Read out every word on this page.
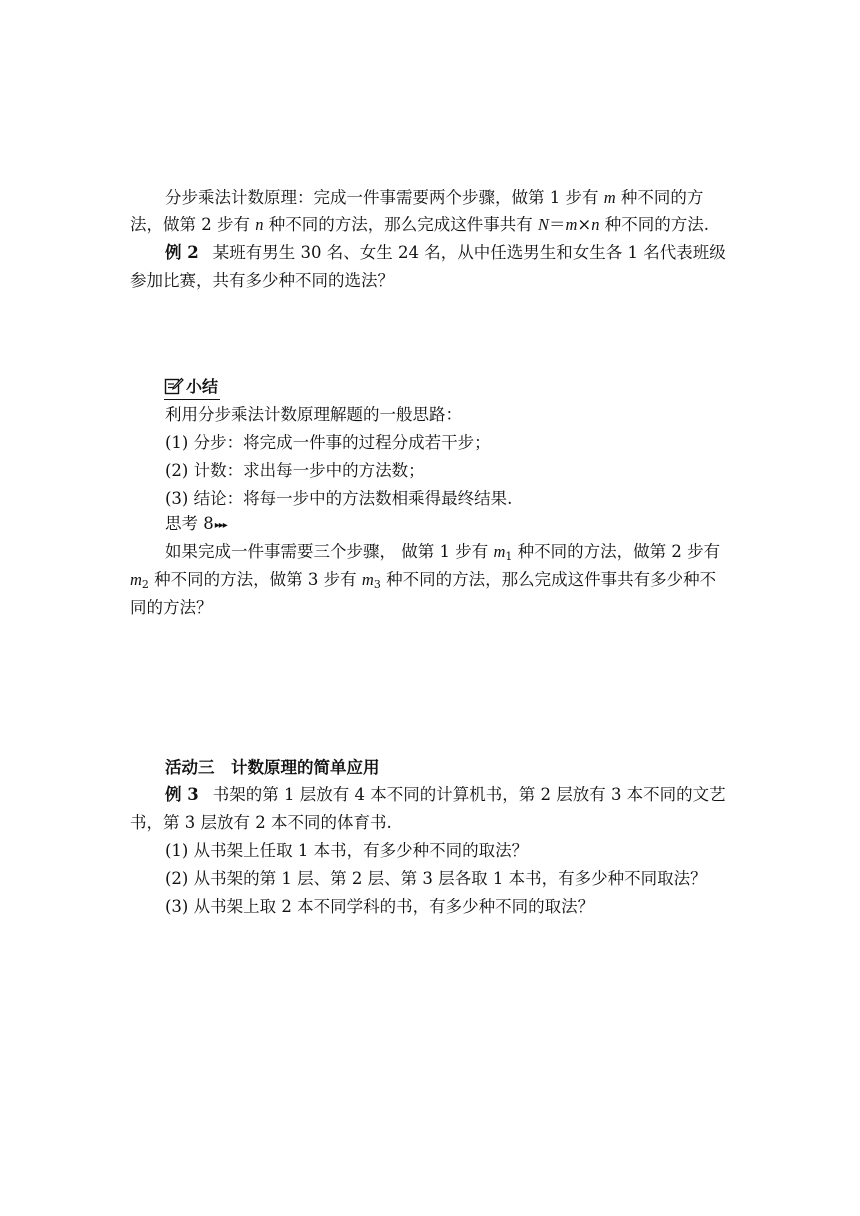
分步乘法计数原理：完成一件事需要两个步骤，做第 1 步有 m 种不同的方
法，做第 2 步有 n 种不同的方法，那么完成这件事共有 N＝m×n 种不同的方法.
例 2 某班有男生 30 名、女生 24 名，从中任选男生和女生各 1 名代表班级
参加比赛，共有多少种不同的选法？
小结
利用分步乘法计数原理解题的一般思路：
(1) 分步：将完成一件事的过程分成若干步；
(2) 计数：求出每一步中的方法数；
(3) 结论：将每一步中的方法数相乘得最终结果.
思考 8▸▸▸
如果完成一件事需要三个步骤， 做第 1 步有 $m_1$ 种不同的方法，做第 2 步有
$m_2$ 种不同的方法，做第 3 步有 $m_3$ 种不同的方法，那么完成这件事共有多少种不
同的方法？
活动三　计数原理的简单应用
例 3 书架的第 1 层放有 4 本不同的计算机书，第 2 层放有 3 本不同的文艺
书，第 3 层放有 2 本不同的体育书.
(1) 从书架上任取 1 本书，有多少种不同的取法？
(2) 从书架的第 1 层、第 2 层、第 3 层各取 1 本书，有多少种不同取法？
(3) 从书架上取 2 本不同学科的书，有多少种不同的取法？
